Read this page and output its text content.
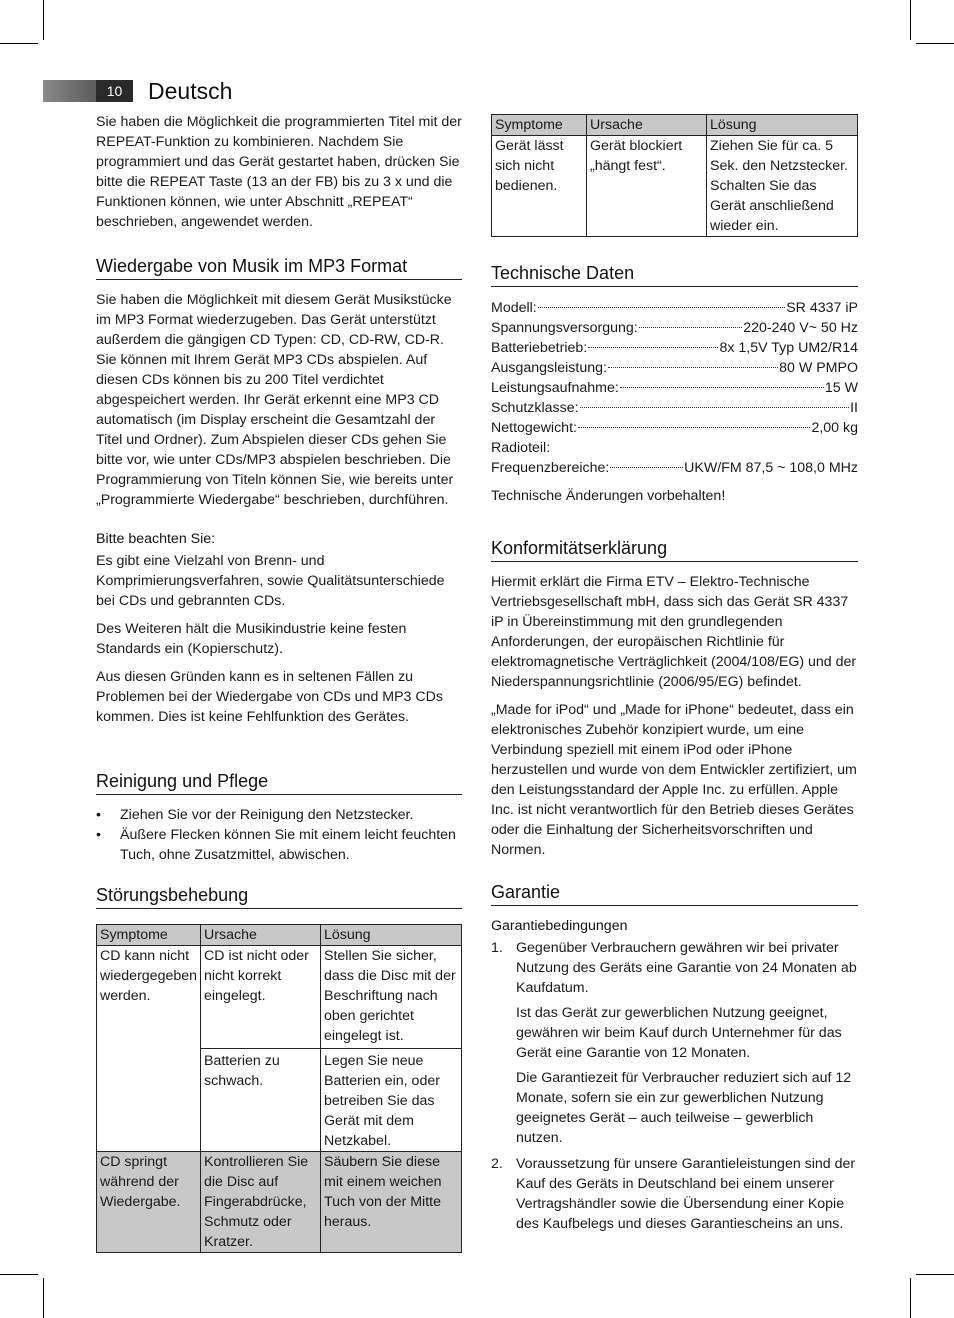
10	Deutsch

Sie haben die Möglichkeit die programmierten Titel mit der REPEAT-Funktion zu kombinieren. Nachdem Sie programmiert und das Gerät gestartet haben, drücken Sie bitte die REPEAT Taste (13 an der FB) bis zu 3 x und die Funktionen können, wie unter Abschnitt „REPEAT“ beschrieben, angewendet werden.

Wiedergabe von Musik im MP3 Format

Sie haben die Möglichkeit mit diesem Gerät Musikstücke im MP3 Format wiederzugeben. Das Gerät unterstützt außerdem die gängigen CD Typen: CD, CD-RW, CD-R. Sie können mit Ihrem Gerät MP3 CDs abspielen. Auf diesen CDs können bis zu 200 Titel verdichtet abgespeichert werden. Ihr Gerät erkennt eine MP3 CD automatisch (im Display erscheint die Gesamtzahl der Titel und Ordner). Zum Abspielen dieser CDs gehen Sie bitte vor, wie unter CDs/MP3 abspielen beschrieben. Die Programmierung von Titeln können Sie, wie bereits unter „Programmierte Wiedergabe“ beschrieben, durchführen.

Bitte beachten Sie:

Es gibt eine Vielzahl von Brenn- und Komprimierungsverfahren, sowie Qualitätsunterschiede bei CDs und gebrannten CDs.

Des Weiteren hält die Musikindustrie keine festen Standards ein (Kopierschutz).

Aus diesen Gründen kann es in seltenen Fällen zu Problemen bei der Wiedergabe von CDs und MP3 CDs kommen. Dies ist keine Fehlfunktion des Gerätes.

Reinigung und Pflege
• Ziehen Sie vor der Reinigung den Netzstecker.
• Äußere Flecken können Sie mit einem leicht feuchten Tuch, ohne Zusatzmittel, abwischen.
Störungsbehebung
Symptome	Ursache	Lösung
CD kann nicht wiedergegeben werden.	CD ist nicht oder nicht korrekt eingelegt.	Stellen Sie sicher, dass die Disc mit der Beschriftung nach oben gerichtet eingelegt ist.
	Batterien zu schwach.	Legen Sie neue Batterien ein, oder betreiben Sie das Gerät mit dem Netzkabel.
CD springt während der Wiedergabe.	Kontrollieren Sie die Disc auf Fingerabdrücke, Schmutz oder Kratzer.	Säubern Sie diese mit einem weichen Tuch von der Mitte heraus.
Symptome	Ursache	Lösung
Gerät lässt sich nicht bedienen.	Gerät blockiert „hängt fest“.	Ziehen Sie für ca. 5 Sek. den Netzstecker. Schalten Sie das Gerät anschließend wieder ein.
Technische Daten
Modell:	SR 4337 iP
Spannungsversorgung:	220-240 V~ 50 Hz
Batteriebetrieb:	8x 1,5V Typ UM2/R14
Ausgangsleistung:	80 W PMPO
Leistungsaufnahme:	15 W
Schutzklasse:	II
Nettogewicht:	2,00 kg
Radioteil:
Frequenzbereiche:	UKW/FM 87,5 ~ 108,0 MHz

Technische Änderungen vorbehalten!

Konformitätserklärung

Hiermit erklärt die Firma ETV – Elektro-Technische Vertriebsgesellschaft mbH, dass sich das Gerät SR 4337 iP in Übereinstimmung mit den grundlegenden Anforderungen, der europäischen Richtlinie für elektromagnetische Verträglichkeit (2004/108/EG) und der Niederspannungsrichtlinie (2006/95/EG) befindet.

„Made for iPod“ und „Made for iPhone“ bedeutet, dass ein elektronisches Zubehör konzipiert wurde, um eine Verbindung speziell mit einem iPod oder iPhone herzustellen und wurde von dem Entwickler zertifiziert, um den Leistungsstandard der Apple Inc. zu erfüllen. Apple Inc. ist nicht verantwortlich für den Betrieb dieses Gerätes oder die Einhaltung der Sicherheitsvorschriften und Normen.

Garantie
Garantiebedingungen
1. Gegenüber Verbrauchern gewähren wir bei privater Nutzung des Geräts eine Garantie von 24 Monaten ab Kaufdatum.

Ist das Gerät zur gewerblichen Nutzung geeignet, gewähren wir beim Kauf durch Unternehmer für das Gerät eine Garantie von 12 Monaten.

Die Garantiezeit für Verbraucher reduziert sich auf 12 Monate, sofern sie ein zur gewerblichen Nutzung geeignetes Gerät – auch teilweise – gewerblich nutzen.

2. Voraussetzung für unsere Garantieleistungen sind der Kauf des Geräts in Deutschland bei einem unserer Vertragshändler sowie die Übersendung einer Kopie des Kaufbelegs und dieses Garantiescheins an uns.
